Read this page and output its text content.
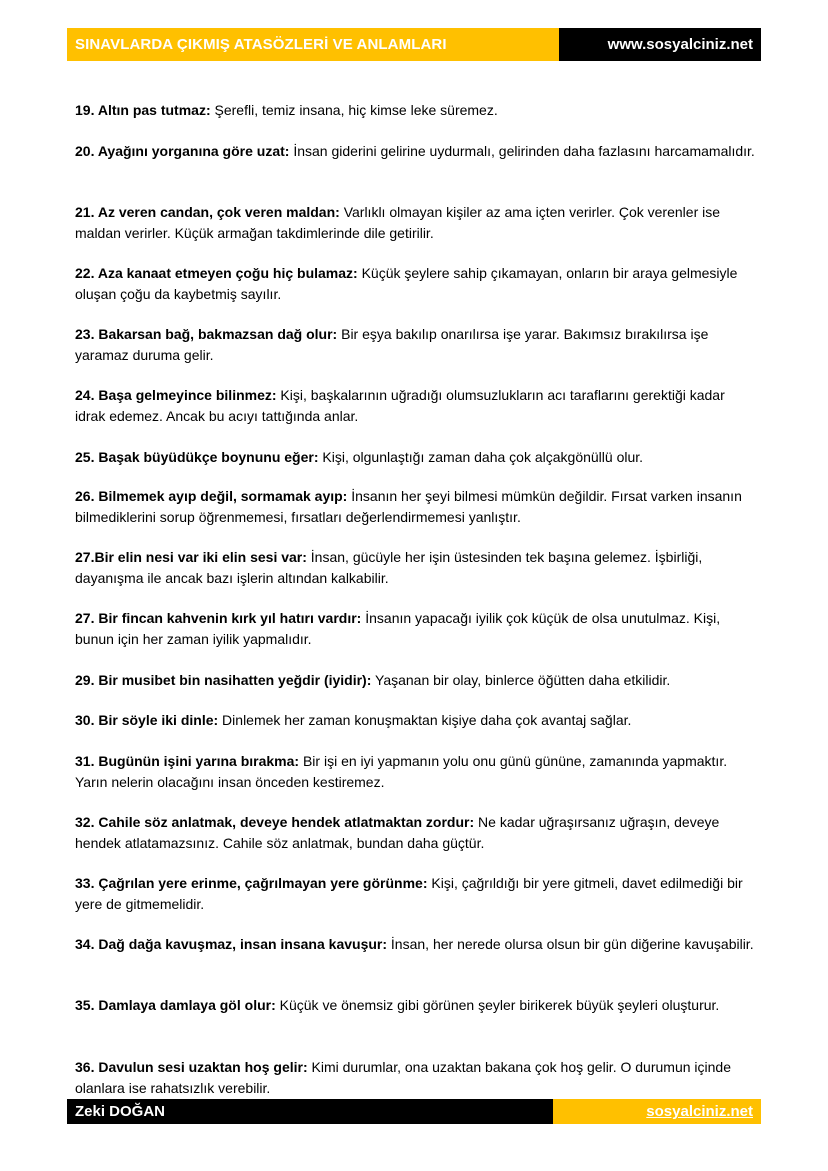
SINAVLARDA ÇIKMIŞ ATASÖZLERİ VE ANLAMLARI	www.sosyalciniz.net

19. Altın pas tutmaz: Şerefli, temiz insana, hiç kimse leke süremez.

20. Ayağını yorganına göre uzat: İnsan giderini gelirine uydurmalı, gelirinden daha fazlasını harcamamalıdır.

21. Az veren candan, çok veren maldan: Varlıklı olmayan kişiler az ama içten verirler. Çok verenler ise maldan verirler. Küçük armağan takdimlerinde dile getirilir.

22. Aza kanaat etmeyen çoğu hiç bulamaz: Küçük şeylere sahip çıkamayan, onların bir araya gelmesiyle oluşan çoğu da kaybetmiş sayılır.

23. Bakarsan bağ, bakmazsan dağ olur: Bir eşya bakılıp onarılırsa işe yarar. Bakımsız bırakılırsa işe yaramaz duruma gelir.

24. Başa gelmeyince bilinmez: Kişi, başkalarının uğradığı olumsuzlukların acı taraflarını gerektiği kadar idrak edemez. Ancak bu acıyı tattığında anlar.

25. Başak büyüdükçe boynunu eğer: Kişi, olgunlaştığı zaman daha çok alçakgönüllü olur.

26. Bilmemek ayıp değil, sormamak ayıp: İnsanın her şeyi bilmesi mümkün değildir. Fırsat varken insanın bilmediklerini sorup öğrenmemesi, fırsatları değerlendirmemesi yanlıştır.

27.Bir elin nesi var iki elin sesi var: İnsan, gücüyle her işin üstesinden tek başına gelemez. İşbirliği, dayanışma ile ancak bazı işlerin altından kalkabilir.

27. Bir fincan kahvenin kırk yıl hatırı vardır: İnsanın yapacağı iyilik çok küçük de olsa unutulmaz. Kişi, bunun için her zaman iyilik yapmalıdır.

29. Bir musibet bin nasihatten yeğdir (iyidir): Yaşanan bir olay, binlerce öğütten daha etkilidir.

30. Bir söyle iki dinle: Dinlemek her zaman konuşmaktan kişiye daha çok avantaj sağlar.

31. Bugünün işini yarına bırakma: Bir işi en iyi yapmanın yolu onu günü gününe, zamanında yapmaktır. Yarın nelerin olacağını insan önceden kestiremez.

32. Cahile söz anlatmak, deveye hendek atlatmaktan zordur: Ne kadar uğraşırsanız uğraşın, deveye hendek atlatamazsınız. Cahile söz anlatmak, bundan daha güçtür.

33. Çağrılan yere erinme, çağrılmayan yere görünme: Kişi, çağrıldığı bir yere gitmeli, davet edilmediği bir yere de gitmemelidir.

34. Dağ dağa kavuşmaz, insan insana kavuşur: İnsan, her nerede olursa olsun bir gün diğerine kavuşabilir.

35. Damlaya damlaya göl olur: Küçük ve önemsiz gibi görünen şeyler birikerek büyük şeyleri oluşturur.

36. Davulun sesi uzaktan hoş gelir: Kimi durumlar, ona uzaktan bakana çok hoş gelir. O durumun içinde olanlara ise rahatsızlık verebilir.

Zeki DOĞAN	sosyalciniz.net
